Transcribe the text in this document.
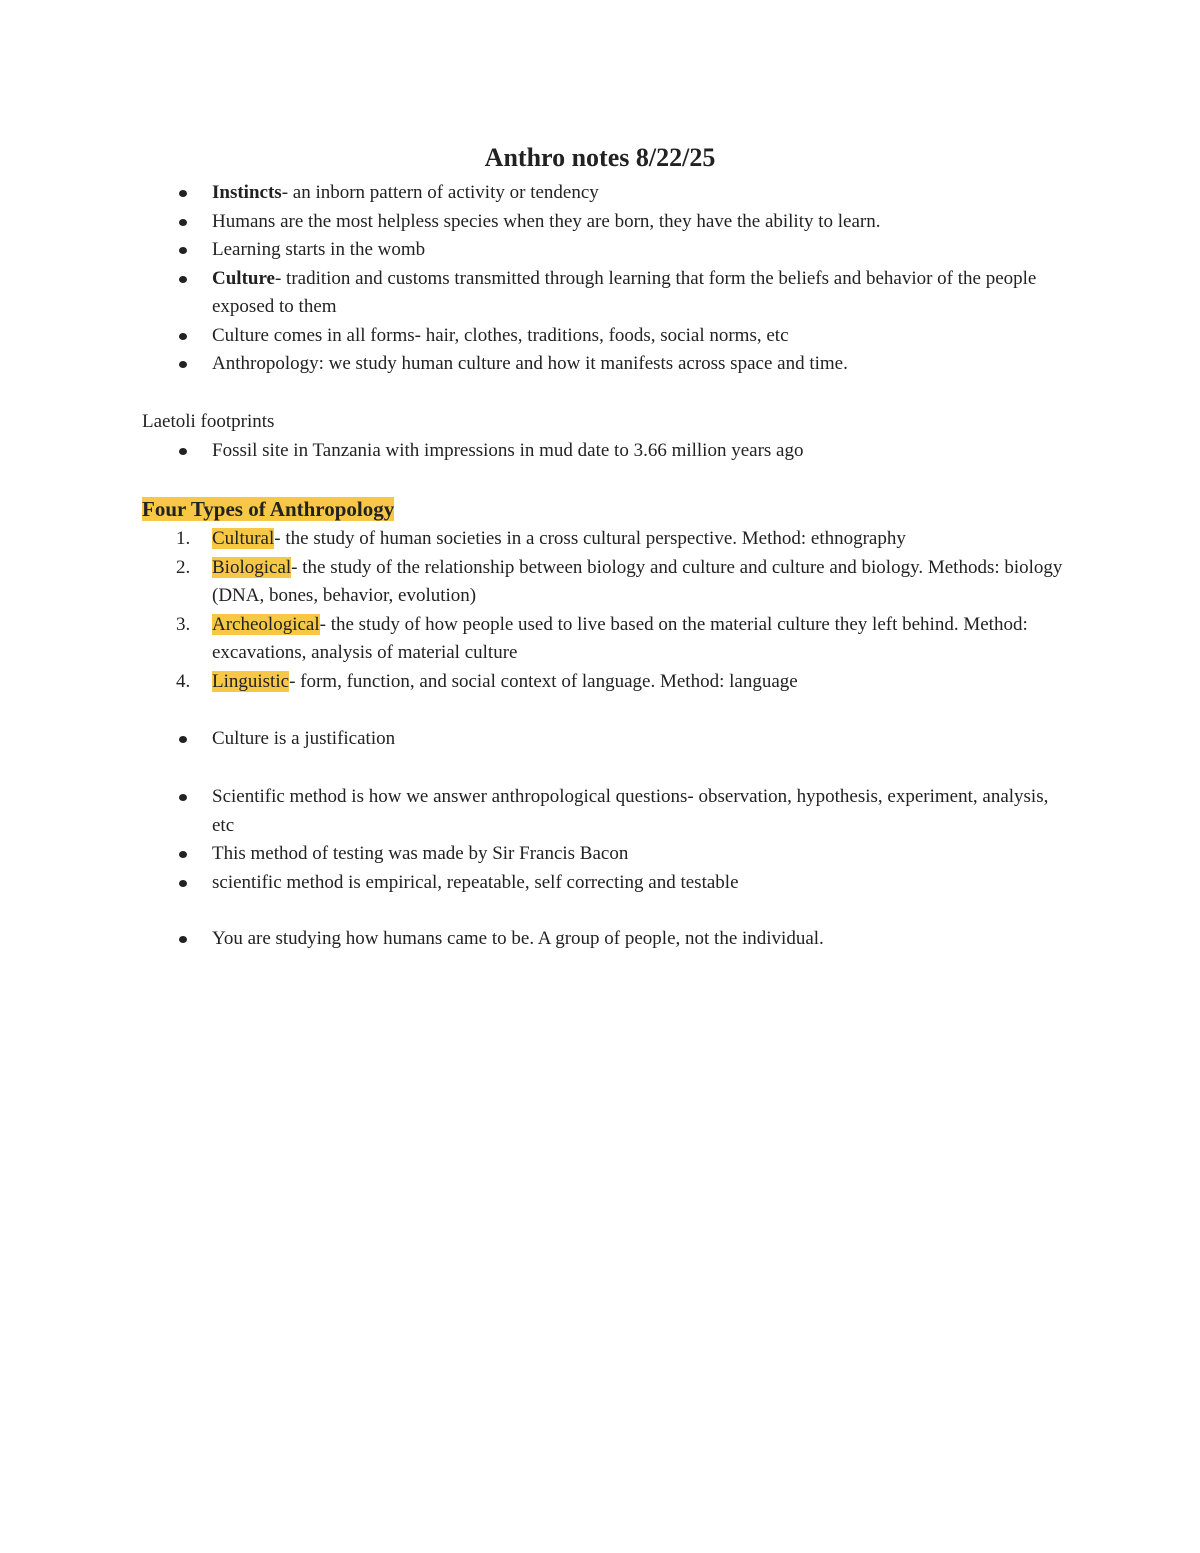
Anthro notes 8/22/25
Instincts- an inborn pattern of activity or tendency
Humans are the most helpless species when they are born, they have the ability to learn.
Learning starts in the womb
Culture- tradition and customs transmitted through learning that form the beliefs and behavior of the people exposed to them
Culture comes in all forms- hair, clothes, traditions, foods, social norms, etc
Anthropology: we study human culture and how it manifests across space and time.

Laetoli footprints

Fossil site in Tanzania with impressions in mud date to 3.66 million years ago
Four Types of Anthropology
1.	Cultural- the study of human societies in a cross cultural perspective. Method: ethnography
2.	Biological- the study of the relationship between biology and culture and culture and biology. Methods: biology (DNA, bones, behavior, evolution)
3.	Archeological- the study of how people used to live based on the material culture they left behind. Method: excavations, analysis of material culture
4.	Linguistic- form, function, and social context of language. Method: language
Culture is a justification
Scientific method is how we answer anthropological questions- observation, hypothesis, experiment, analysis, etc
This method of testing was made by Sir Francis Bacon
scientific method is empirical, repeatable, self correcting and testable
You are studying how humans came to be. A group of people, not the individual.
